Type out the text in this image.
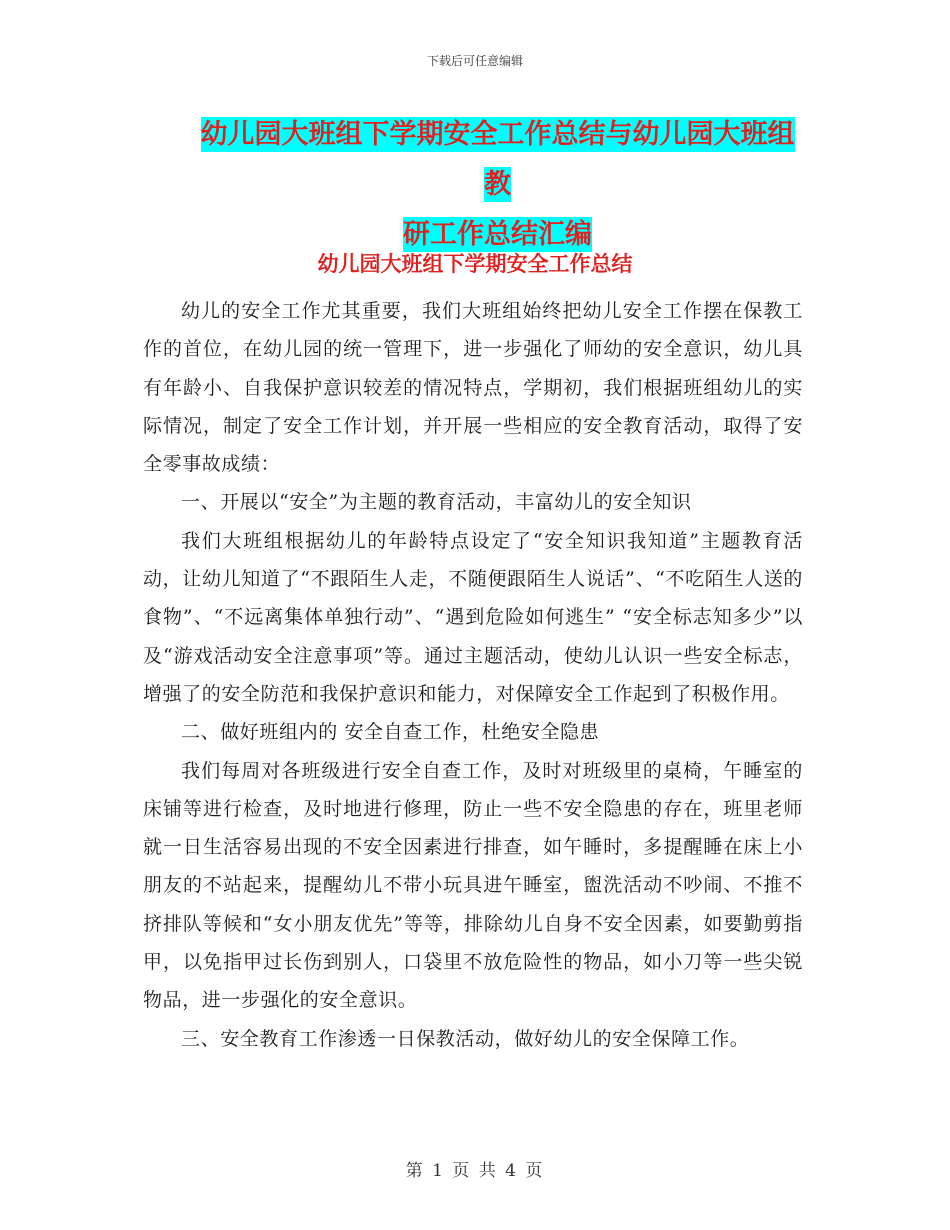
下载后可任意编辑
幼儿园大班组下学期安全工作总结与幼儿园大班组教
研工作总结汇编
幼儿园大班组下学期安全工作总结

幼儿的安全工作尤其重要，我们大班组始终把幼儿安全工作摆在保教工作的首位，在幼儿园的统一管理下，进一步强化了师幼的安全意识，幼儿具有年龄小、自我保护意识较差的情况特点，学期初，我们根据班组幼儿的实际情况，制定了安全工作计划，并开展一些相应的安全教育活动，取得了安全零事故成绩：

一、开展以“安全”为主题的教育活动，丰富幼儿的安全知识

我们大班组根据幼儿的年龄特点设定了“安全知识我知道”主题教育活动，让幼儿知道了“不跟陌生人走，不随便跟陌生人说话”、“不吃陌生人送的食物”、“不远离集体单独行动”、“遇到危险如何逃生” “安全标志知多少”以及“游戏活动安全注意事项”等。通过主题活动，使幼儿认识一些安全标志，增强了的安全防范和我保护意识和能力，对保障安全工作起到了积极作用。

二、做好班组内的 安全自查工作，杜绝安全隐患

我们每周对各班级进行安全自查工作，及时对班级里的桌椅，午睡室的床铺等进行检查，及时地进行修理，防止一些不安全隐患的存在，班里老师就一日生活容易出现的不安全因素进行排查，如午睡时，多提醒睡在床上小朋友的不站起来，提醒幼儿不带小玩具进午睡室，盥洗活动不吵闹、不推不挤排队等候和“女小朋友优先”等等，排除幼儿自身不安全因素，如要勤剪指甲，以免指甲过长伤到别人，口袋里不放危险性的物品，如小刀等一些尖锐物品，进一步强化的安全意识。

三、安全教育工作渗透一日保教活动，做好幼儿的安全保障工作。

第 1 页 共 4 页
